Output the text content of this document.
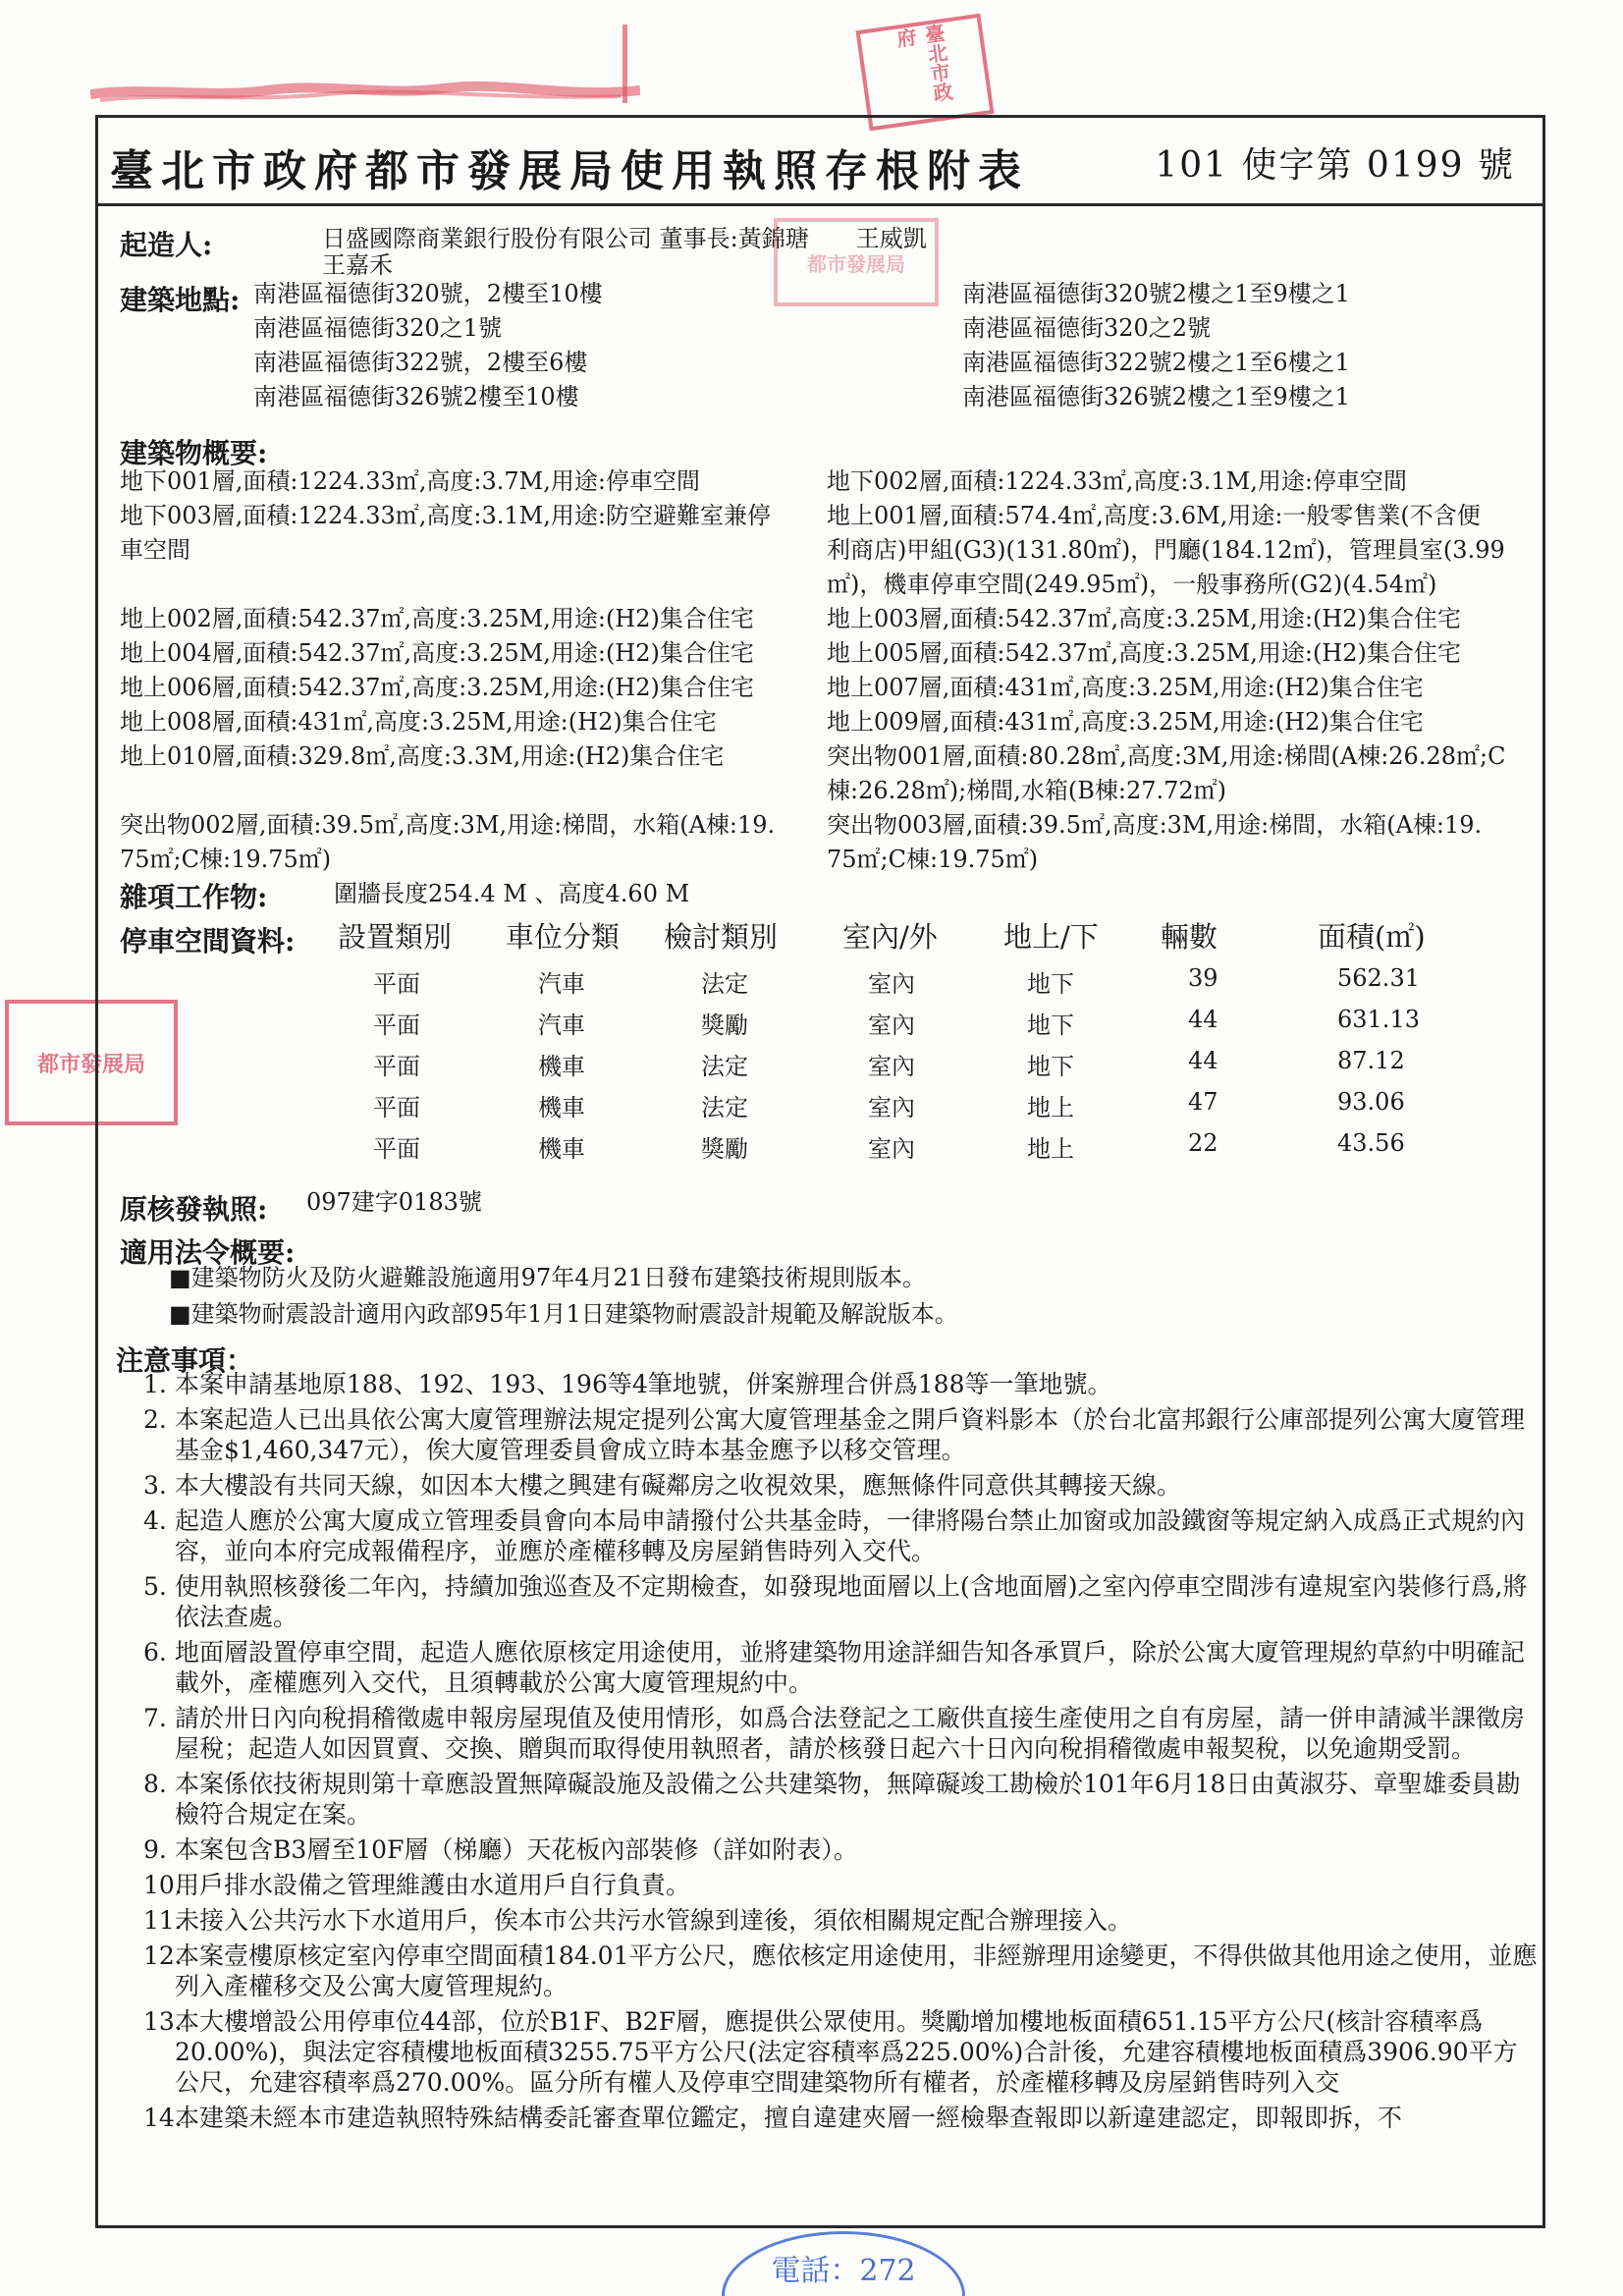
臺北市政府
都市發展局
都市發展局
臺北市政府都市發展局使用執照存根附表	101 使字第 0199 號
起造人:	日盛國際商業銀行股份有限公司 董事長:黃錦瑭　　王威凱
王嘉禾
建築地點: 南港區福德街320號，2樓至10樓
南港區福德街320之1號
南港區福德街322號，2樓至6樓
南港區福德街326號2樓至10樓
南港區福德街320號2樓之1至9樓之1
南港區福德街320之2號
南港區福德街322號2樓之1至6樓之1
南港區福德街326號2樓之1至9樓之1
建築物概要:
地下001層,面積:1224.33㎡,高度:3.7M,用途:停車空間
地下003層,面積:1224.33㎡,高度:3.1M,用途:防空避難室兼停
車空間
地上002層,面積:542.37㎡,高度:3.25M,用途:(H2)集合住宅
地上004層,面積:542.37㎡,高度:3.25M,用途:(H2)集合住宅
地上006層,面積:542.37㎡,高度:3.25M,用途:(H2)集合住宅
地上008層,面積:431㎡,高度:3.25M,用途:(H2)集合住宅
地上010層,面積:329.8㎡,高度:3.3M,用途:(H2)集合住宅
突出物002層,面積:39.5㎡,高度:3M,用途:梯間，水箱(A棟:19.
75㎡;C棟:19.75㎡)
地下002層,面積:1224.33㎡,高度:3.1M,用途:停車空間
地上001層,面積:574.4㎡,高度:3.6M,用途:一般零售業(不含便
利商店)甲組(G3)(131.80㎡)，門廳(184.12㎡)，管理員室(3.99
㎡)，機車停車空間(249.95㎡)，一般事務所(G2)(4.54㎡)
地上003層,面積:542.37㎡,高度:3.25M,用途:(H2)集合住宅
地上005層,面積:542.37㎡,高度:3.25M,用途:(H2)集合住宅
地上007層,面積:431㎡,高度:3.25M,用途:(H2)集合住宅
地上009層,面積:431㎡,高度:3.25M,用途:(H2)集合住宅
突出物001層,面積:80.28㎡,高度:3M,用途:梯間(A棟:26.28㎡;C
棟:26.28㎡);梯間,水箱(B棟:27.72㎡)
突出物003層,面積:39.5㎡,高度:3M,用途:梯間，水箱(A棟:19.
75㎡;C棟:19.75㎡)
雜項工作物:	圍牆長度254.4 M 、高度4.60 M
停車空間資料: 設置類別 車位分類 檢討類別 室內/外 地上/下 輛數	面積(㎡)
平面	汽車	法定	室內	地下	39	562.31
平面	汽車	獎勵	室內	地下	44	631.13
平面	機車	法定	室內	地下	44	87.12
平面	機車	法定	室內	地上	47	93.06
平面	機車	獎勵	室內	地上	22	43.56
原核發執照: 097建字0183號
適用法令概要:
■建築物防火及防火避難設施適用97年4月21日發布建築技術規則版本。
■建築物耐震設計適用內政部95年1月1日建築物耐震設計規範及解說版本。
注意事項：
1. 本案申請基地原188、192、193、196等4筆地號，併案辦理合併爲188等一筆地號。
2. 本案起造人已出具依公寓大廈管理辦法規定提列公寓大廈管理基金之開戶資料影本（於台北富邦銀行公庫部提列公寓大廈管理基金$1,460,347元），俟大廈管理委員會成立時本基金應予以移交管理。
3. 本大樓設有共同天線，如因本大樓之興建有礙鄰房之收視效果，應無條件同意供其轉接天線。
4. 起造人應於公寓大廈成立管理委員會向本局申請撥付公共基金時，一律將陽台禁止加窗或加設鐵窗等規定納入成爲正式規約內容，並向本府完成報備程序，並應於產權移轉及房屋銷售時列入交代。
5. 使用執照核發後二年內，持續加強巡查及不定期檢查，如發現地面層以上(含地面層)之室內停車空間涉有違規室內裝修行爲,將依法查處。
6. 地面層設置停車空間，起造人應依原核定用途使用，並將建築物用途詳細告知各承買戶，除於公寓大廈管理規約草約中明確記載外，產權應列入交代，且須轉載於公寓大廈管理規約中。
7. 請於卅日內向稅捐稽徵處申報房屋現值及使用情形，如爲合法登記之工廠供直接生產使用之自有房屋，請一併申請減半課徵房屋稅；起造人如因買賣、交換、贈與而取得使用執照者，請於核發日起六十日內向稅捐稽徵處申報契稅，以免逾期受罰。
8. 本案係依技術規則第十章應設置無障礙設施及設備之公共建築物，無障礙竣工勘檢於101年6月18日由黃淑芬、章聖雄委員勘檢符合規定在案。
9. 本案包含B3層至10F層（梯廳）天花板內部裝修（詳如附表）。
10.
用戶排水設備之管理維護由水道用戶自行負責。
11.
未接入公共污水下水道用戶，俟本市公共污水管線到達後，須依相關規定配合辦理接入。
12.
本案壹樓原核定室內停車空間面積184.01平方公尺，應依核定用途使用，非經辦理用途變更，不得供做其他用途之使用，並應列入產權移交及公寓大廈管理規約。
13.
本大樓增設公用停車位44部，位於B1F、B2F層，應提供公眾使用。獎勵增加樓地板面積651.15平方公尺(核計容積率爲20.00%)，與法定容積樓地板面積3255.75平方公尺(法定容積率爲225.00%)合計後，允建容積樓地板面積爲3906.90平方公尺，允建容積率爲270.00%。區分所有權人及停車空間建築物所有權者，於產權移轉及房屋銷售時列入交
14.
本建築未經本市建造執照特殊結構委託審查單位鑑定，擅自違建夾層一經檢舉查報即以新違建認定，即報即拆，不
電話：272
